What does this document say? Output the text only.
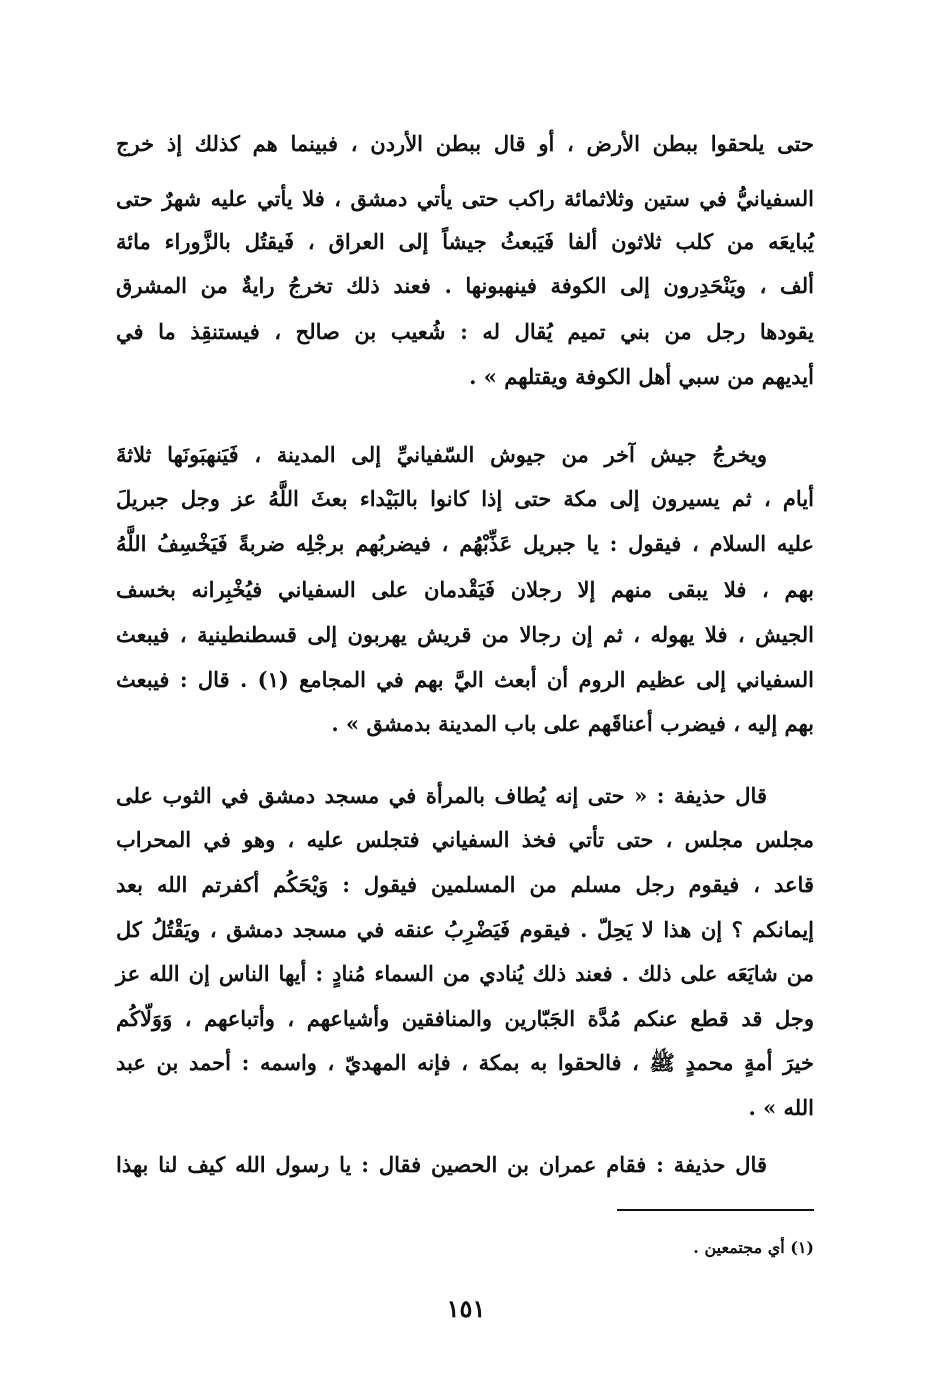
حتى يلحقوا ببطن الأرض ، أو قال ببطن الأردن ، فبينما هم كذلك إذ خرج
السفيانيُّ في ستين وثلاثمائة راكب حتى يأتي دمشق ، فلا يأتي عليه شهرٌ حتى
يُبايعَه من كلب ثلاثون ألفا فَيَبعثُ جيشاً إلى العراق ، فَيقتُل بالزَّوراء مائة
ألف ، ويَنْحَدِرون إلى الكوفة فينهبونها . فعند ذلك تخرجُ رايةٌ من المشرق
يقودها رجل من بني تميم يُقال له : شُعيب بن صالح ، فيستنقِذ ما في
أيديهم من سبي أهل الكوفة ويقتلهم » .
ويخرجُ جيش آخر من جيوش السّفيانيِّ إلى المدينة ، فَيَنهبَونَها ثلاثةَ
أيام ، ثم يسيرون إلى مكة حتى إذا كانوا بالبَيْداء بعثَ اللَّهُ عز وجل جبريلَ
عليه السلام ، فيقول : يا جبريل عَذِّبْهُم ، فيضربُهم برجْلِه ضربةً فَيَخْسِفُ اللَّهُ
بهم ، فلا يبقى منهم إلا رجلان فَيَقْدمان على السفياني فيُخْبِرانه بخسف
الجيش ، فلا يهوله ، ثم إن رجالا من قريش يهربون إلى قسطنطينية ، فيبعث
السفياني إلى عظيم الروم أن أبعث اليَّ بهم في المجامع (١) . قال : فيبعث
بهم إليه ، فيضرب أعناقَهم على باب المدينة بدمشق » .
قال حذيفة : « حتى إنه يُطاف بالمرأة في مسجد دمشق في الثوب على
مجلس مجلس ، حتى تأتي فخذ السفياني فتجلس عليه ، وهو في المحراب
قاعد ، فيقوم رجل مسلم من المسلمين فيقول : وَيْحَكُم أكفرتم الله بعد
إيمانكم ؟ إن هذا لا يَحِلّ . فيقوم فَيَضْرِبُ عنقه في مسجد دمشق ، ويَقْتُلُ كل
من شايَعَه على ذلك . فعند ذلك يُنادي من السماء مُنادٍ : أيها الناس إن الله عز
وجل قد قطع عنكم مُدَّة الجَبّارين والمنافقين وأشياعهم ، وأتباعهم ، وَوَلّاكُم
خيرَ أمةٍ محمدٍ ﷺ ، فالحقوا به بمكة ، فإنه المهديّ ، واسمه : أحمد بن عبد
الله » .
قال حذيفة : فقام عمران بن الحصين فقال : يا رسول الله كيف لنا بهذا
(١) أي مجتمعين .
١٥١
